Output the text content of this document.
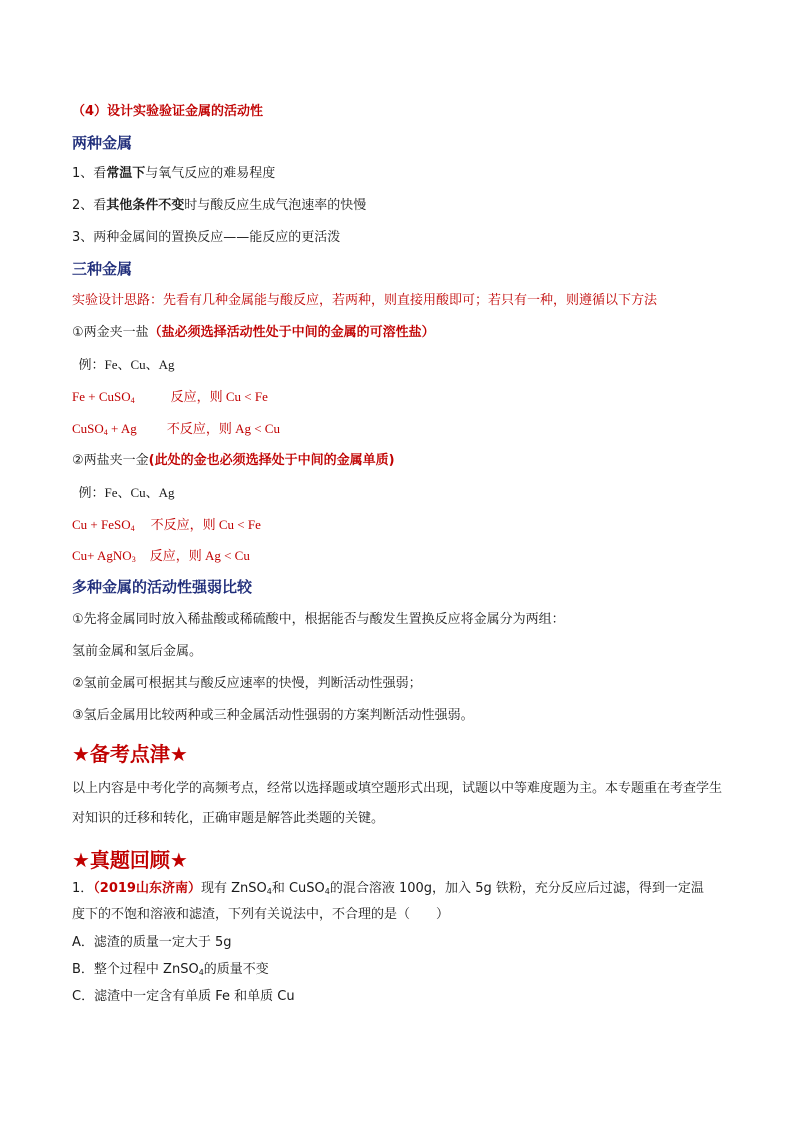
（4）设计实验验证金属的活动性
两种金属
1、看常温下与氧气反应的难易程度
2、看其他条件不变时与酸反应生成气泡速率的快慢
3、两种金属间的置换反应——能反应的更活泼
三种金属
实验设计思路：先看有几种金属能与酸反应，若两种，则直接用酸即可；若只有一种，则遵循以下方法
①两金夹一盐（盐必须选择活动性处于中间的金属的可溶性盐）
例：Fe、Cu、Ag
Fe + CuSO$_4$	反应，则 Cu < Fe
CuSO$_4$ + Ag 不反应，则 Ag < Cu
②两盐夹一金(此处的金也必须选择处于中间的金属单质)
例：Fe、Cu、Ag
Cu + FeSO$_4$ 不反应，则 Cu < Fe
Cu+ AgNO$_3$ 反应，则 Ag < Cu
多种金属的活动性强弱比较
①先将金属同时放入稀盐酸或稀硫酸中，根据能否与酸发生置换反应将金属分为两组：
氢前金属和氢后金属。
②氢前金属可根据其与酸反应速率的快慢，判断活动性强弱；
③氢后金属用比较两种或三种金属活动性强弱的方案判断活动性强弱。
★备考点津★
以上内容是中考化学的高频考点，经常以选择题或填空题形式出现，试题以中等难度题为主。本专题重在考查学生对知识的迁移和转化，正确审题是解答此类题的关键。
★真题回顾★
1．（2019山东济南）现有 ZnSO$_4$和 CuSO$_4$的混合溶液 100g，加入 5g 铁粉，充分反应后过滤，得到一定温
度下的不饱和溶液和滤渣，下列有关说法中，不合理的是（　　）
A．滤渣的质量一定大于 5g
B．整个过程中 ZnSO$_4$的质量不变
C．滤渣中一定含有单质 Fe 和单质 Cu
